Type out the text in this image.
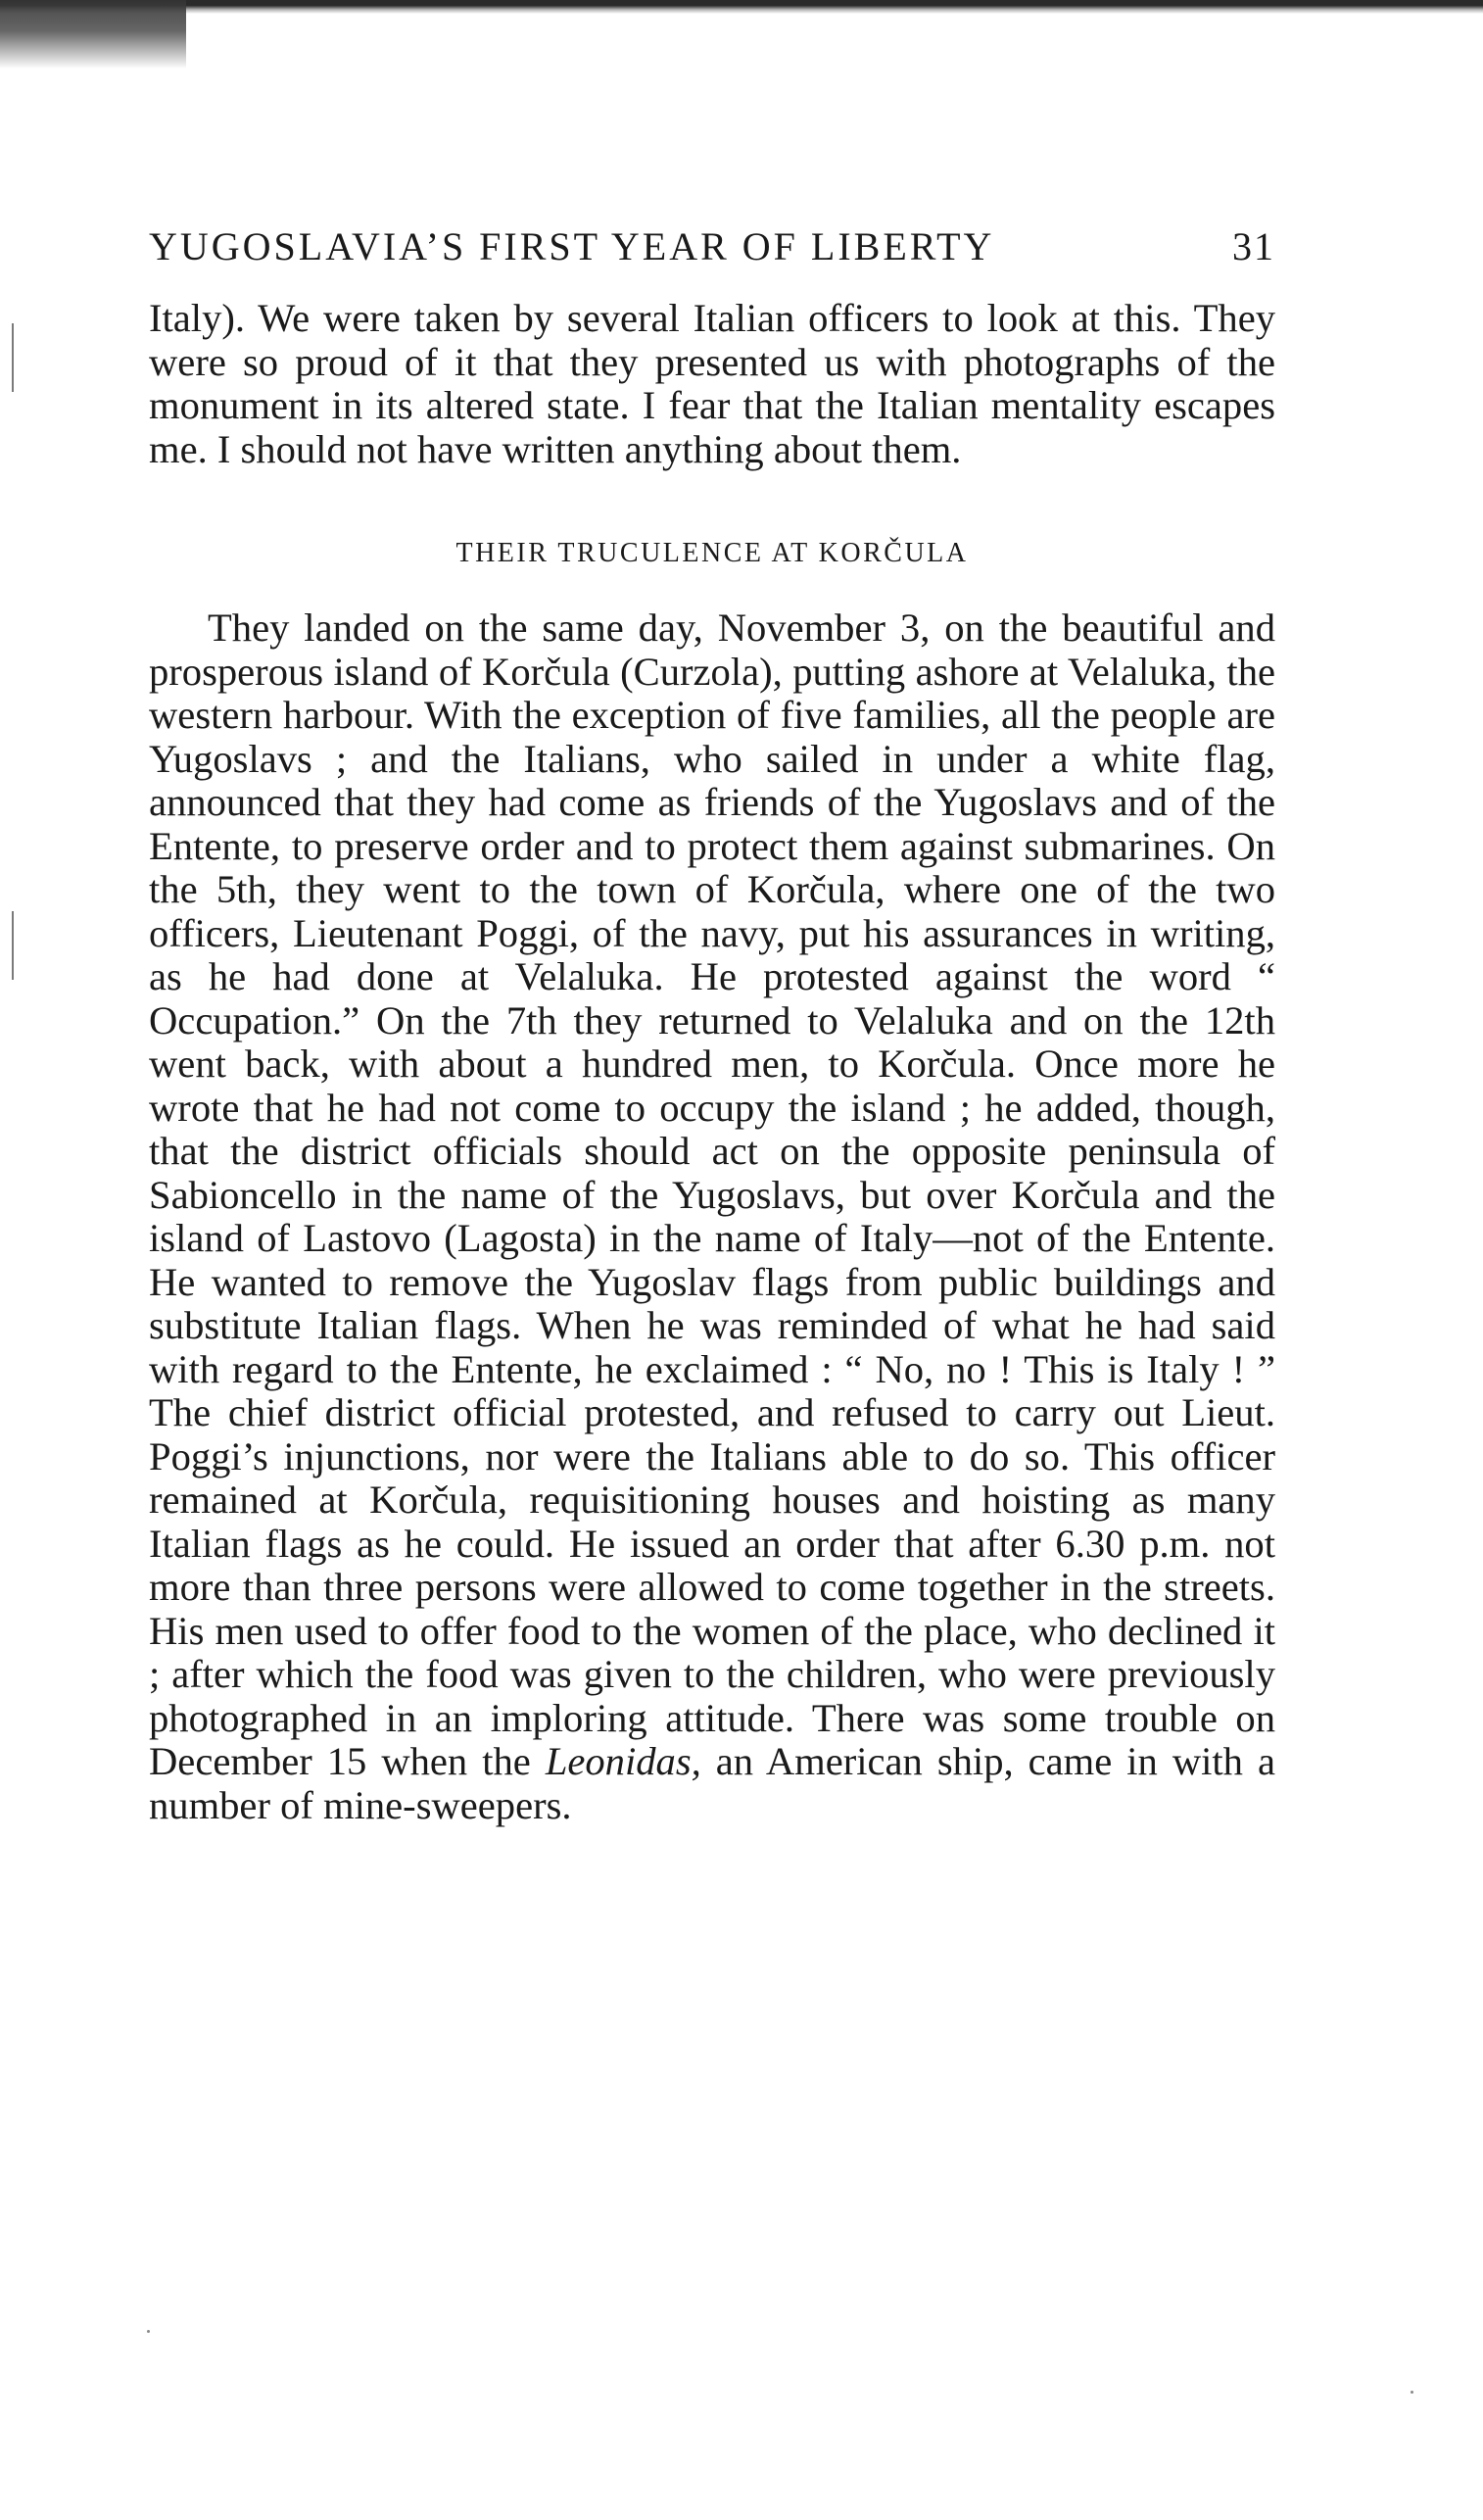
YUGOSLAVIA’S FIRST YEAR OF LIBERTY	31

Italy). We were taken by several Italian officers to look at this. They were so proud of it that they presented us with photographs of the monument in its altered state. I fear that the Italian mentality escapes me. I should not have written anything about them.

THEIR TRUCULENCE AT KORČULA

They landed on the same day, November 3, on the beautiful and prosperous island of Korčula (Curzola), putting ashore at Velaluka, the western harbour. With the exception of five families, all the people are Yugoslavs ; and the Italians, who sailed in under a white flag, announced that they had come as friends of the Yugoslavs and of the Entente, to preserve order and to protect them against submarines. On the 5th, they went to the town of Korčula, where one of the two officers, Lieutenant Poggi, of the navy, put his assurances in writing, as he had done at Velaluka. He protested against the word “ Occupation.” On the 7th they returned to Velaluka and on the 12th went back, with about a hundred men, to Korčula. Once more he wrote that he had not come to occupy the island ; he added, though, that the district officials should act on the opposite peninsula of Sabioncello in the name of the Yugoslavs, but over Korčula and the island of Lastovo (Lagosta) in the name of Italy—not of the Entente. He wanted to remove the Yugoslav flags from public buildings and substitute Italian flags. When he was reminded of what he had said with regard to the Entente, he exclaimed : “ No, no ! This is Italy ! ” The chief district official protested, and refused to carry out Lieut. Poggi’s injunctions, nor were the Italians able to do so. This officer remained at Korčula, requisitioning houses and hoisting as many Italian flags as he could. He issued an order that after 6.30 p.m. not more than three persons were allowed to come together in the streets. His men used to offer food to the women of the place, who declined it ; after which the food was given to the children, who were previously photographed in an imploring attitude. There was some trouble on December 15 when the Leonidas, an American ship, came in with a number of mine-sweepers.
